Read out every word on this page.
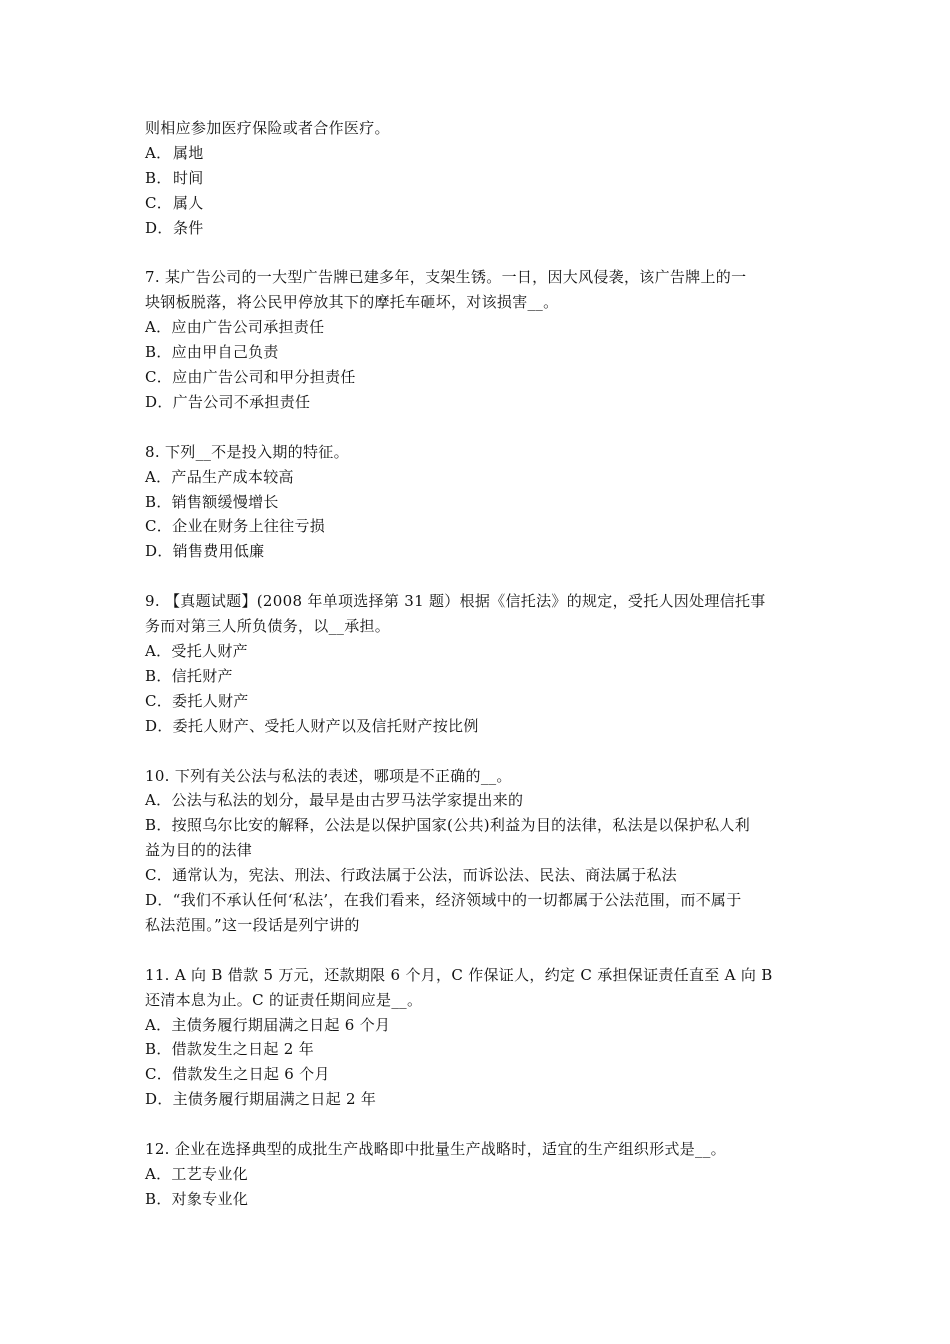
则相应参加医疗保险或者合作医疗。
A． 属地
B．时间
C．属人
D．条件
7. 某广告公司的一大型广告牌已建多年，支架生锈。一日，因大风侵袭，该广告牌上的一
块钢板脱落，将公民甲停放其下的摩托车砸坏，对该损害__。
A．应由广告公司承担责任
B．应由甲自己负责
C．应由广告公司和甲分担责任
D．广告公司不承担责任
8. 下列__不是投入期的特征。
A．产品生产成本较高
B．销售额缓慢增长
C．企业在财务上往往亏损
D．销售费用低廉
9. 【真题试题】(2008 年单项选择第 31 题）根据《信托法》的规定，受托人因处理信托事
务而对第三人所负债务，以__承担。
A．受托人财产
B．信托财产
C．委托人财产
D．委托人财产、受托人财产以及信托财产按比例
10. 下列有关公法与私法的表述，哪项是不正确的__。
A．公法与私法的划分，最早是由古罗马法学家提出来的
B．按照乌尔比安的解释，公法是以保护国家(公共)利益为目的法律，私法是以保护私人利
益为目的的法律
C．通常认为，宪法、刑法、行政法属于公法，而诉讼法、民法、商法属于私法
D．“我们不承认任何‘私法’，在我们看来，经济领域中的一切都属于公法范围，而不属于
私法范围。”这一段话是列宁讲的
11. A 向 B 借款 5 万元，还款期限 6 个月，C 作保证人，约定 C 承担保证责任直至 A 向 B
还清本息为止。C 的证责任期间应是__。
A．主债务履行期届满之日起 6 个月
B．借款发生之日起 2 年
C．借款发生之日起 6 个月
D．主债务履行期届满之日起 2 年
12. 企业在选择典型的成批生产战略即中批量生产战略时，适宜的生产组织形式是__。
A．工艺专业化
B．对象专业化
